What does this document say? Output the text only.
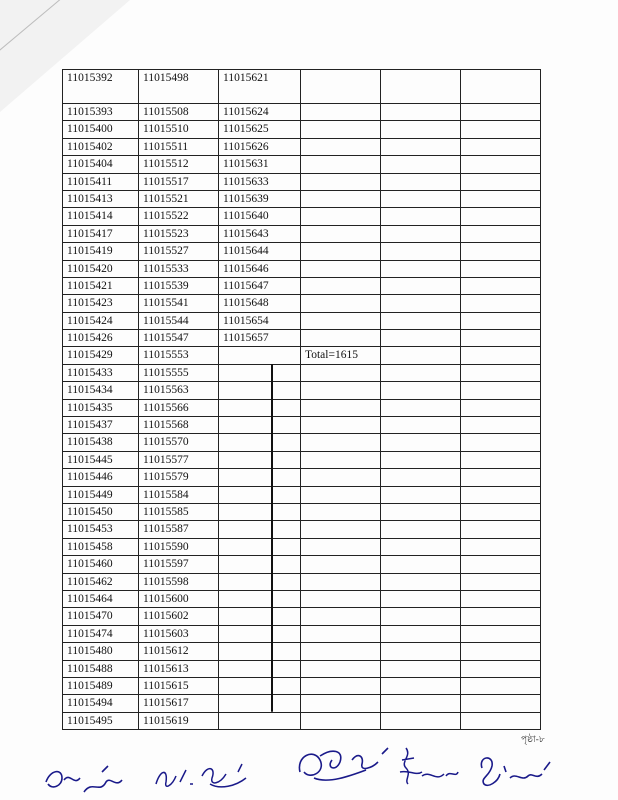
11015392	11015498	11015621			
11015393	11015508	11015624			
11015400	11015510	11015625			
11015402	11015511	11015626			
11015404	11015512	11015631			
11015411	11015517	11015633			
11015413	11015521	11015639			
11015414	11015522	11015640			
11015417	11015523	11015643			
11015419	11015527	11015644			
11015420	11015533	11015646			
11015421	11015539	11015647			
11015423	11015541	11015648			
11015424	11015544	11015654			
11015426	11015547	11015657			
11015429	11015553		Total=1615		
11015433	11015555				
11015434	11015563				
11015435	11015566				
11015437	11015568				
11015438	11015570				
11015445	11015577				
11015446	11015579				
11015449	11015584				
11015450	11015585				
11015453	11015587				
11015458	11015590				
11015460	11015597				
11015462	11015598				
11015464	11015600				
11015470	11015602				
11015474	11015603				
11015480	11015612				
11015488	11015613				
11015489	11015615				
11015494	11015617				
11015495	11015619				
পৃষ্ঠা-৮
